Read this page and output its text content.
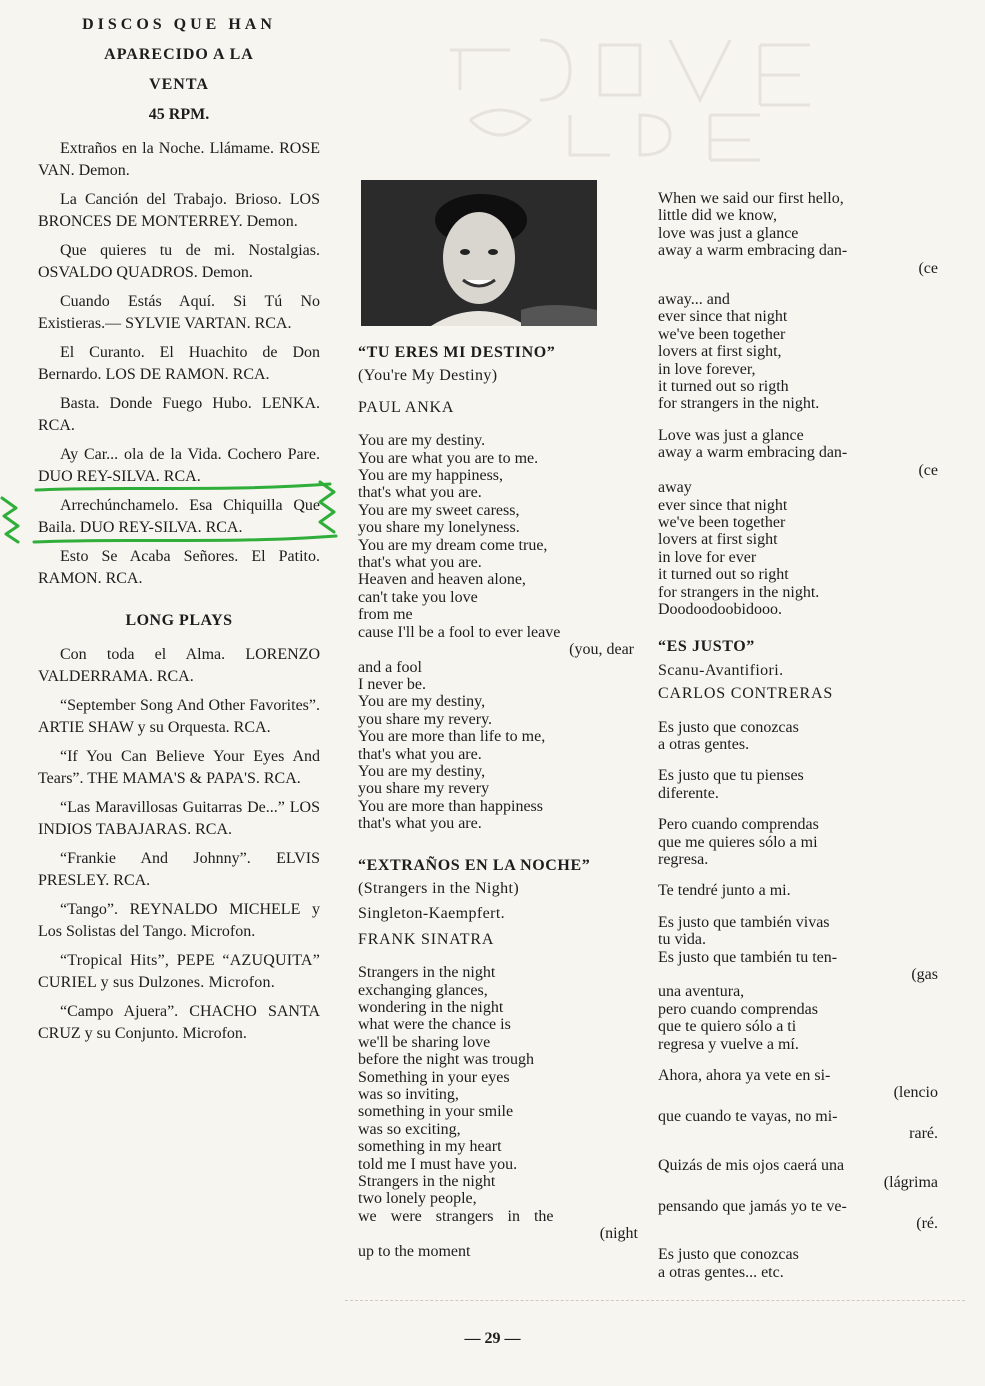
DISCOS QUE HAN
APARECIDO A LA
VENTA
45 RPM.
Extraños en la Noche. Llámame. ROSE VAN. Demon.
La Canción del Trabajo. Brioso. LOS BRONCES DE MONTERREY. Demon.
Que quieres tu de mi. Nostalgias. OSVALDO QUADROS. Demon.
Cuando Estás Aquí. Si Tú No Existieras.— SYLVIE VARTAN. RCA.
El Curanto. El Huachito de Don Bernardo. LOS DE RAMON. RCA.
Basta. Donde Fuego Hubo. LENKA. RCA.
Ay Car... ola de la Vida. Cochero Pare. DUO REY-SILVA. RCA.
Arrechúnchamelo. Esa Chiquilla Que Baila. DUO REY-SILVA. RCA.
Esto Se Acaba Señores. El Patito. RAMON. RCA.
LONG PLAYS
Con toda el Alma. LORENZO VALDERRAMA. RCA.
“September Song And Other Favorites”. ARTIE SHAW y su Orquesta. RCA.
“If You Can Believe Your Eyes And Tears”. THE MAMA'S & PAPA'S. RCA.
“Las Maravillosas Guitarras De...” LOS INDIOS TABAJARAS. RCA.
“Frankie And Johnny”. ELVIS PRESLEY. RCA.
“Tango”. REYNALDO MICHELE y Los Solistas del Tango. Microfon.
“Tropical Hits”, PEPE “AZUQUITA” CURIEL y sus Dulzones. Microfon.
“Campo Ajuera”. CHACHO SANTA CRUZ y su Conjunto. Microfon.
“TU ERES MI DESTINO”
(You're My Destiny)
PAUL ANKA
You are my destiny.
You are what you are to me.
You are my happiness,
that's what you are.
You are my sweet caress,
you share my lonelyness.
You are my dream come true,
that's what you are.
Heaven and heaven alone,
can't take you love
from me
cause I'll be a fool to ever leave
(you, dear
and a fool
I never be.
You are my destiny,
you share my revery.
You are more than life to me,
that's what you are.
You are my destiny,
you share my revery
You are more than happiness
that's what you are.
“EXTRAÑOS EN LA NOCHE”
(Strangers in the Night)
Singleton-Kaempfert.
FRANK SINATRA
Strangers in the night
exchanging glances,
wondering in the night
what were the chance is
we'll be sharing love
before the night was trough
Something in your eyes
was so inviting,
something in your smile
was so exciting,
something in my heart
told me I must have you.
Strangers in the night
two lonely people,
we were strangers in the
(night
up to the moment
When we said our first hello,
little did we know,
love was just a glance
away a warm embracing dan-
(ce
away... and
ever since that night
we've been together
lovers at first sight,
in love forever,
it turned out so rigth
for strangers in the night.
Love was just a glance
away a warm embracing dan-
(ce
away
ever since that night
we've been together
lovers at first sight
in love for ever
it turned out so right
for strangers in the night.
Doodoodoobidooo.
“ES JUSTO”
Scanu-Avantifiori.
CARLOS CONTRERAS
Es justo que conozcas
a otras gentes.
Es justo que tu pienses
diferente.
Pero cuando comprendas
que me quieres sólo a mi
regresa.
Te tendré junto a mi.
Es justo que también vivas
tu vida.
Es justo que también tu ten-
(gas
una aventura,
pero cuando comprendas
que te quiero sólo a ti
regresa y vuelve a mí.
Ahora, ahora ya vete en si-
(lencio
que cuando te vayas, no mi-
raré.
Quizás de mis ojos caerá una
(lágrima
pensando que jamás yo te ve-
(ré.
Es justo que conozcas
a otras gentes... etc.
— 29 —
